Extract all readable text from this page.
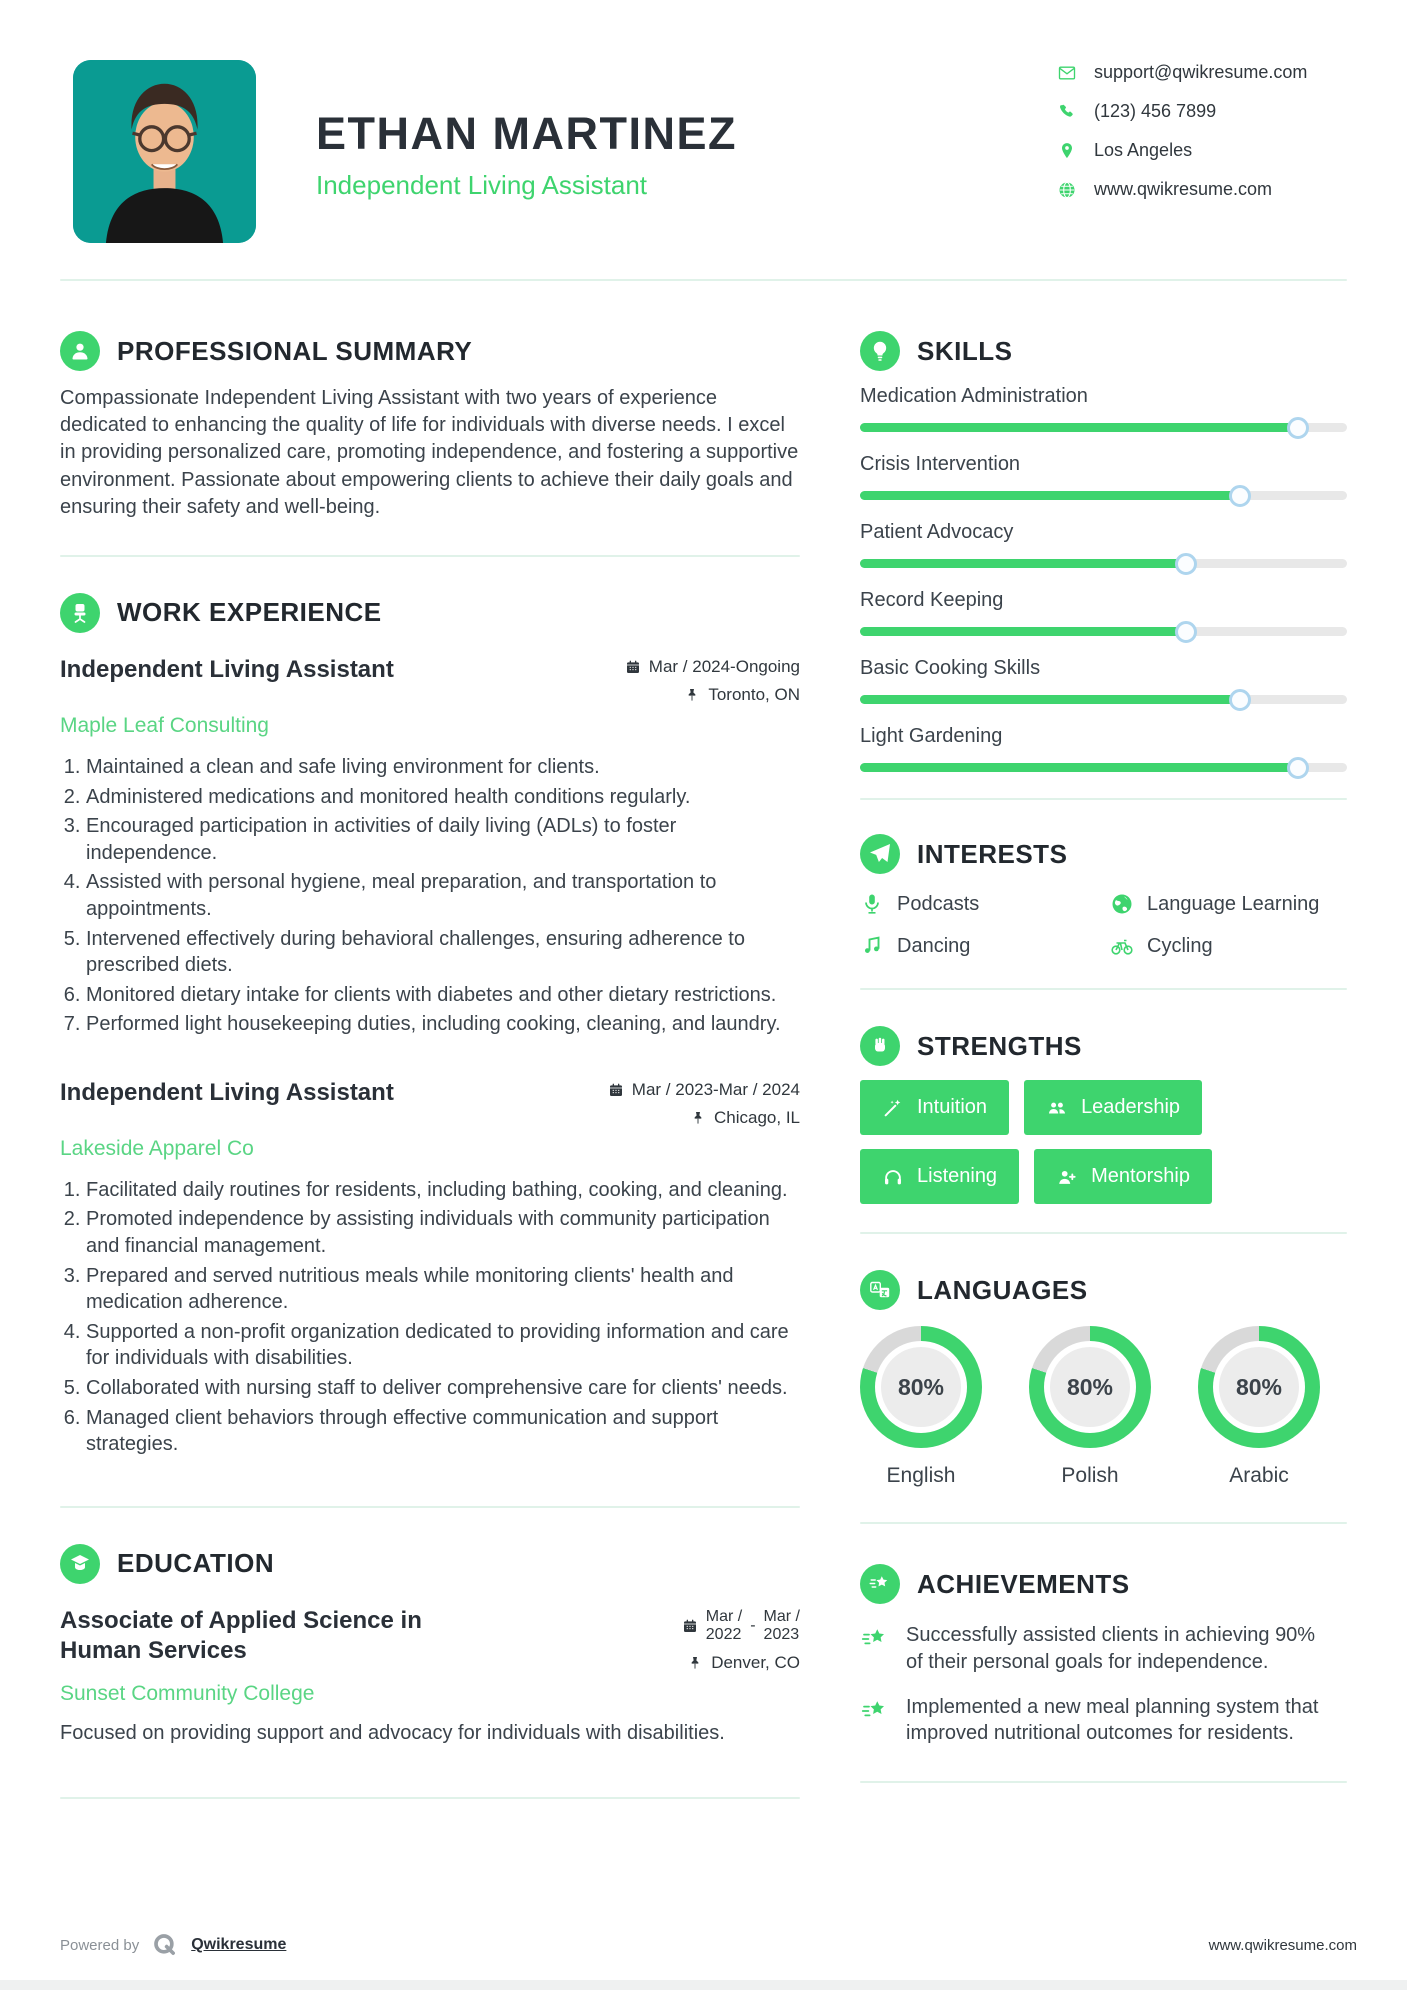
ETHAN MARTINEZ
Independent Living Assistant
support@qwikresume.com
(123) 456 7899
Los Angeles
www.qwikresume.com
PROFESSIONAL SUMMARY

Compassionate Independent Living Assistant with two years of experience dedicated to enhancing the quality of life for individuals with diverse needs. I excel in providing personalized care, promoting independence, and fostering a supportive environment. Passionate about empowering clients to achieve their daily goals and ensuring their safety and well-being.

WORK EXPERIENCE
Independent Living Assistant	Mar / 2024-Ongoing
Toronto, ON
Maple Leaf Consulting
1. Maintained a clean and safe living environment for clients.
2. Administered medications and monitored health conditions regularly.
3. Encouraged participation in activities of daily living (ADLs) to foster independence.
4. Assisted with personal hygiene, meal preparation, and transportation to appointments.
5. Intervened effectively during behavioral challenges, ensuring adherence to prescribed diets.
6. Monitored dietary intake for clients with diabetes and other dietary restrictions.
7. Performed light housekeeping duties, including cooking, cleaning, and laundry.
Independent Living Assistant	Mar / 2023-Mar / 2024
Chicago, IL
Lakeside Apparel Co
1. Facilitated daily routines for residents, including bathing, cooking, and cleaning.
2. Promoted independence by assisting individuals with community participation and financial management.
3. Prepared and served nutritious meals while monitoring clients' health and medication adherence.
4. Supported a non-profit organization dedicated to providing information and care for individuals with disabilities.
5. Collaborated with nursing staff to deliver comprehensive care for clients' needs.
6. Managed client behaviors through effective communication and support strategies.
EDUCATION
Associate of Applied Science in Human Services
Mar /
2022
-
Mar /
2023
Denver, CO
Sunset Community College

Focused on providing support and advocacy for individuals with disabilities.

SKILLS
Medication Administration
Crisis Intervention
Patient Advocacy
Record Keeping
Basic Cooking Skills
Light Gardening
INTERESTS
Podcasts	Language Learning
Dancing	Cycling
STRENGTHS
Intuition	Leadership
Listening	Mentorship
LANGUAGES
80%
English
80%
Polish
80%
Arabic
ACHIEVEMENTS
Successfully assisted clients in achieving 90% of their personal goals for independence.
Implemented a new meal planning system that improved nutritional outcomes for residents.
Powered by	Qwikresume	www.qwikresume.com
